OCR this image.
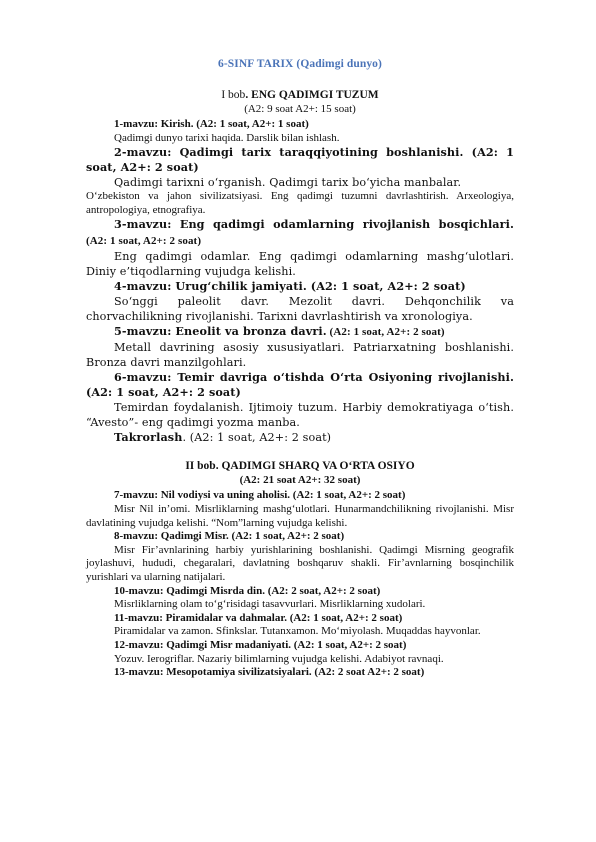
6-SINF TARIX (Qadimgi dunyo)

I bob. ENG QADIMGI TUZUM

(A2: 9 soat A2+: 15 soat)

1-mavzu: Kirish. (A2: 1 soat, A2+: 1 soat)

Qadimgi dunyo tarixi haqida. Darslik bilan ishlash.

2-mavzu: Qadimgi tarix taraqqiyotining boshlanishi. (A2: 1 soat, A2+: 2 soat)

Qadimgi tarixni o‘rganish. Qadimgi tarix bo‘yicha manbalar.

O‘zbekiston va jahon sivilizatsiyasi. Eng qadimgi tuzumni davrlashtirish. Arxeologiya, antropologiya, etnografiya.

3-mavzu: Eng qadimgi odamlarning rivojlanish bosqichlari. (A2: 1 soat, A2+: 2 soat)

Eng qadimgi odamlar. Eng qadimgi odamlarning mashg‘ulotlari. Diniy e’tiqodlarning vujudga kelishi.

4-mavzu: Urug‘chilik jamiyati. (A2: 1 soat, A2+: 2 soat)

So‘nggi paleolit davr. Mezolit davri. Dehqonchilik va chorvachilikning rivojlanishi. Tarixni davrlashtirish va xronologiya.

5-mavzu: Eneolit va bronza davri. (A2: 1 soat, A2+: 2 soat)

Metall davrining asosiy xususiyatlari. Patriarxatning boshlanishi. Bronza davri manzilgohlari.

6-mavzu: Temir davriga o‘tishda O‘rta Osiyoning rivojlanishi. (A2: 1 soat, A2+: 2 soat)

Temirdan foydalanish. Ijtimoiy tuzum. Harbiy demokratiyaga o‘tish. “Avesto”- eng qadimgi yozma manba.

Takrorlash. (A2: 1 soat, A2+: 2 soat)

II bob. QADIMGI SHARQ VA O‘RTA OSIYO

(A2: 21 soat A2+: 32 soat)

7-mavzu: Nil vodiysi va uning aholisi. (A2: 1 soat, A2+: 2 soat)

Misr Nil in’omi. Misrliklarning mashg‘ulotlari. Hunarmandchilikning rivojlanishi. Misr davlatining vujudga kelishi. “Nom”larning vujudga kelishi.

8-mavzu: Qadimgi Misr. (A2: 1 soat, A2+: 2 soat)

Misr Fir’avnlarining harbiy yurishlarining boshlanishi. Qadimgi Misrning geografik joylashuvi, hududi, chegaralari, davlatning boshqaruv shakli. Fir’avnlarning bosqinchilik yurishlari va ularning natijalari.

10-mavzu: Qadimgi Misrda din. (A2: 2 soat, A2+: 2 soat)

Misrliklarning olam to‘g‘risidagi tasavvurlari. Misrliklarning xudolari.

11-mavzu: Piramidalar va dahmalar. (A2: 1 soat, A2+: 2 soat)

Piramidalar va zamon. Sfinkslar. Tutanxamon. Mo‘miyolash. Muqaddas hayvonlar.

12-mavzu: Qadimgi Misr madaniyati. (A2: 1 soat, A2+: 2 soat)

Yozuv. Ierogriflar. Nazariy bilimlarning vujudga kelishi. Adabiyot ravnaqi.

13-mavzu: Mesopotamiya sivilizatsiyalari. (A2: 2 soat A2+: 2 soat)
